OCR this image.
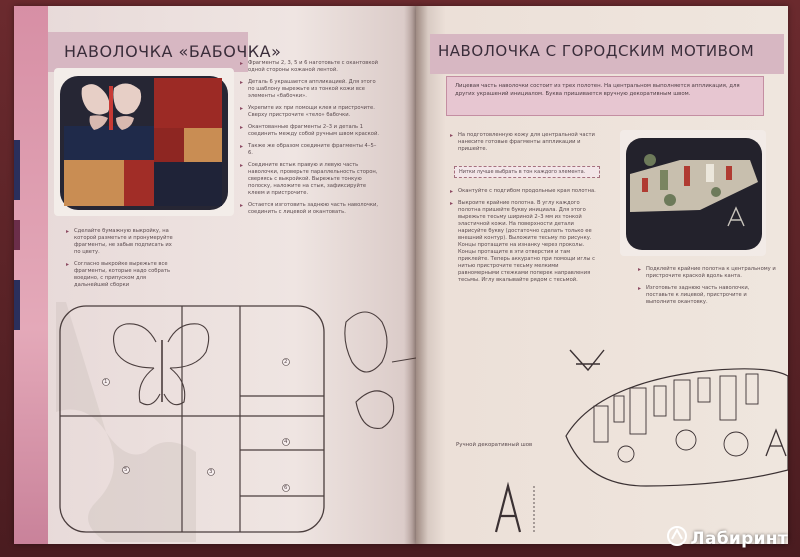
НАВОЛОЧКА «БАБОЧКА»

▸ Сделайте бумажную выкройку, на которой разметьте и пронумеруйте фрагменты, не забыв подписать их по цвету.

▸ Согласно выкройке вырежьте все фрагменты, которые надо собрать воедино, с припуском для дальнейшей сборки

▸ Фрагменты 2, 3, 5 и 6 наготовьте с окантовкой одной стороны кожаной лентой.

▸ Деталь 6 украшается аппликацией. Для этого по шаблону вырежьте из тонкой кожи все элементы «бабочки».

▸ Укрепите их при помощи клея и пристрочите. Сверху пристрочите «тело» бабочки.

▸ Окантованные фрагменты 2–3 и деталь 1 соединить между собой ручным швом краской.

▸ Также же образом соедините фрагменты 4–5–6.

▸ Соедините встык правую и левую часть наволочки, проверьте параллельность сторон, сверяясь с выкройкой. Вырежьте тонкую полоску, наложите на стык, зафиксируйте клеем и пристрочите.

▸ Остается изготовить заднюю часть наволочки, соединить с лицевой и окантовать.

1
2
3
4
5
6
НАВОЛОЧКА С ГОРОДСКИМ МОТИВОМ
Лицевая часть наволочки состоит из трех полотен. На центральном выполняется аппликация, для других украшений инициалом. Буква пришивается вручную декоративным швом.

▸ На подготовленную кожу для центральной части нанесите готовые фрагменты аппликации и пришейте.

Нитки лучше выбрать в тон каждого элемента.

▸ Окантуйте с подгибом продольные края полотна.

▸ Выкроите крайние полотна. В углу каждого полотна пришейте букву инициала. Для этого вырежьте тесьму шириной 2–3 мм из тонкой эластичной кожи. На поверхности детали нарисуйте букву (достаточно сделать только ее внешний контур). Выложите тесьму по рисунку. Концы протащите на изнанку через проколы. Концы протащите в эти отверстия и там приклейте. Теперь аккуратно при помощи иглы с нитью пристрочите тесьму мелкими равномерными стежками поперек направления тесьмы. Иглу вкалывайте рядом с тесьмой.

▸ Подклейте крайние полотна к центральному и пристрочите краской вдоль канта.

▸ Изготовьте заднюю часть наволочки, поставьте к лицевой, пристрочите и выполните окантовку.

Ручной декоративный шов
Лабиринт
